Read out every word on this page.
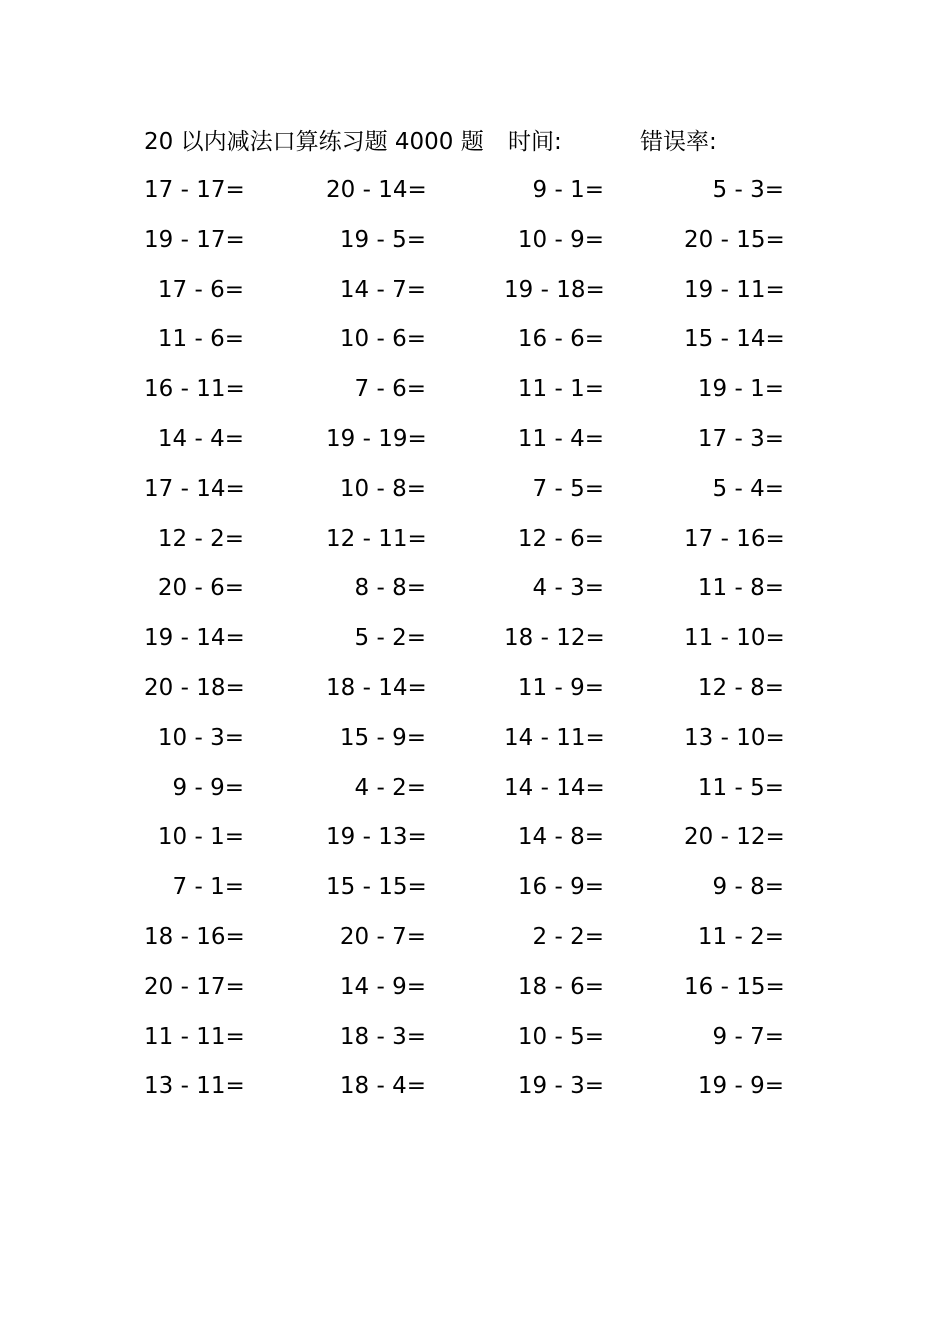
20 以内减法口算练习题 4000 题 时间:	错误率:
17 - 17=	20 - 14=	9 - 1=	5 - 3=
19 - 17=	19 - 5=	10 - 9=	20 - 15=
17 - 6=	14 - 7=	19 - 18=	19 - 11=
11 - 6=	10 - 6=	16 - 6=	15 - 14=
16 - 11=	7 - 6=	11 - 1=	19 - 1=
14 - 4=	19 - 19=	11 - 4=	17 - 3=
17 - 14=	10 - 8=	7 - 5=	5 - 4=
12 - 2=	12 - 11=	12 - 6=	17 - 16=
20 - 6=	8 - 8=	4 - 3=	11 - 8=
19 - 14=	5 - 2=	18 - 12=	11 - 10=
20 - 18=	18 - 14=	11 - 9=	12 - 8=
10 - 3=	15 - 9=	14 - 11=	13 - 10=
9 - 9=	4 - 2=	14 - 14=	11 - 5=
10 - 1=	19 - 13=	14 - 8=	20 - 12=
7 - 1=	15 - 15=	16 - 9=	9 - 8=
18 - 16=	20 - 7=	2 - 2=	11 - 2=
20 - 17=	14 - 9=	18 - 6=	16 - 15=
11 - 11=	18 - 3=	10 - 5=	9 - 7=
13 - 11=	18 - 4=	19 - 3=	19 - 9=
